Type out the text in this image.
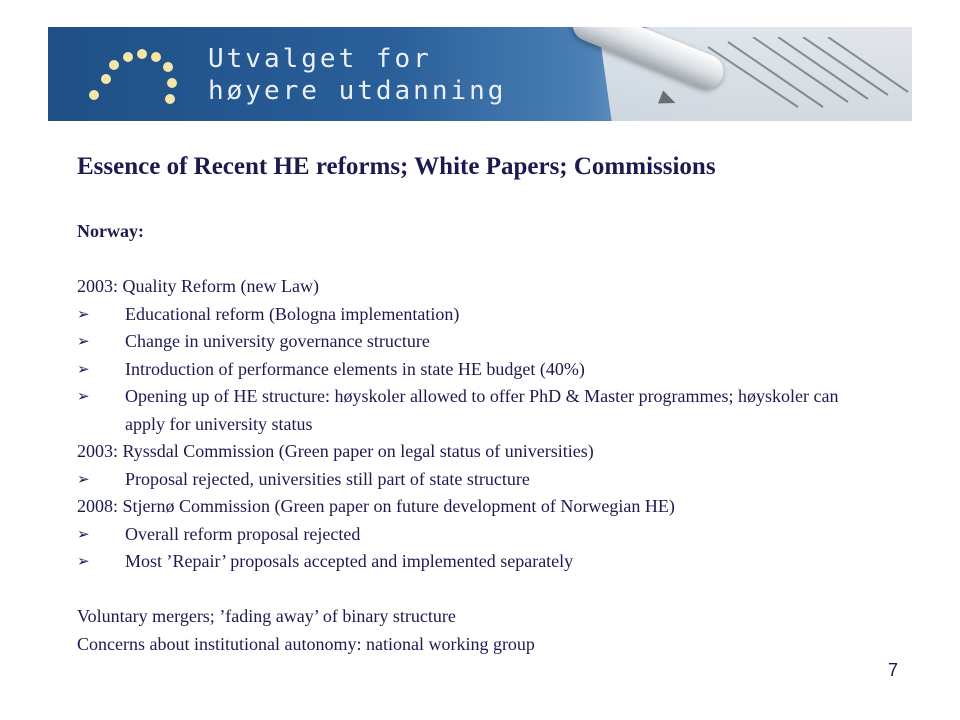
Utvalget for
høyere utdanning
Essence of Recent HE reforms; White Papers; Commissions
Norway:
2003: Quality Reform (new Law)
➢	Educational reform (Bologna implementation)
➢	Change in university governance structure
➢	Introduction of performance elements in state HE budget (40%)
➢	Opening up of HE structure: høyskoler allowed to offer PhD & Master programmes; høyskoler can apply for university status
2003: Ryssdal Commission (Green paper on legal status of universities)
➢	Proposal rejected, universities still part of state structure
2008: Stjernø Commission (Green paper on future development of Norwegian HE)
➢	Overall reform proposal rejected
➢	Most ’Repair’ proposals accepted and implemented separately
Voluntary mergers; ’fading away’ of binary structure
Concerns about institutional autonomy: national working group
7
